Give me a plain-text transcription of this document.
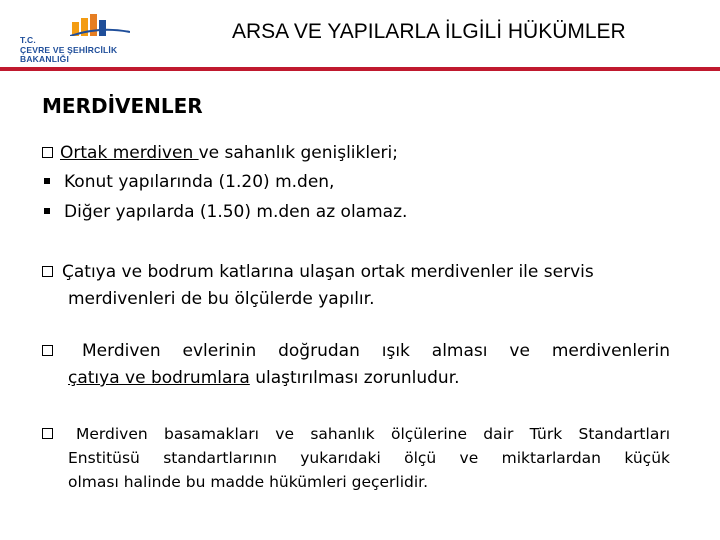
T.C.
ÇEVRE VE ŞEHİRCİLİK
BAKANLIĞI
ARSA VE YAPILARLA İLGİLİ HÜKÜMLER
MERDİVENLER
Ortak merdiven ve sahanlık genişlikleri;
Konut yapılarında (1.20) m.den,
Diğer yapılarda (1.50) m.den az olamaz.
Çatıya ve bodrum katlarına ulaşan ortak merdivenler ile servis
merdivenleri de bu ölçülerde yapılır.
Merdiven evlerinin doğrudan ışık alması ve merdivenlerin
çatıya ve bodrumlara ulaştırılması zorunludur.
Merdiven basamakları ve sahanlık ölçülerine dair Türk Standartları
Enstitüsü standartlarının yukarıdaki ölçü ve miktarlardan küçük
olması halinde bu madde hükümleri geçerlidir.
